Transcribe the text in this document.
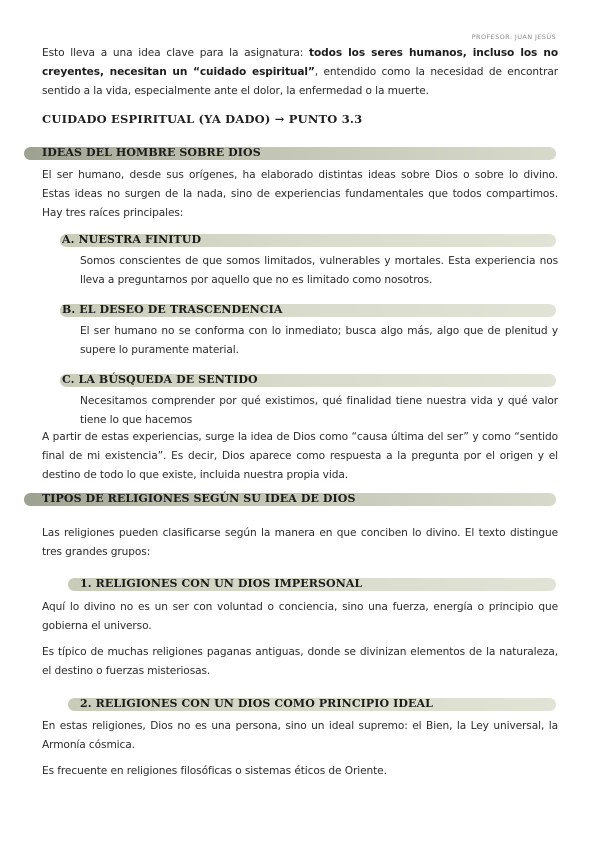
PROFESOR: JUAN JESÚS
Esto lleva a una idea clave para la asignatura: todos los seres humanos, incluso los no creyentes, necesitan un “cuidado espiritual”, entendido como la necesidad de encontrar sentido a la vida, especialmente ante el dolor, la enfermedad o la muerte.
CUIDADO ESPIRITUAL (YA DADO) → PUNTO 3.3
IDEAS DEL HOMBRE SOBRE DIOS
El ser humano, desde sus orígenes, ha elaborado distintas ideas sobre Dios o sobre lo divino. Estas ideas no surgen de la nada, sino de experiencias fundamentales que todos compartimos. Hay tres raíces principales:
A. NUESTRA FINITUD
Somos conscientes de que somos limitados, vulnerables y mortales. Esta experiencia nos lleva a preguntarnos por aquello que no es limitado como nosotros.
B. EL DESEO DE TRASCENDENCIA
El ser humano no se conforma con lo inmediato; busca algo más, algo que de plenitud y supere lo puramente material.
C. LA BÚSQUEDA DE SENTIDO
Necesitamos comprender por qué existimos, qué finalidad tiene nuestra vida y qué valor tiene lo que hacemos
A partir de estas experiencias, surge la idea de Dios como “causa última del ser” y como “sentido final de mi existencia”. Es decir, Dios aparece como respuesta a la pregunta por el origen y el destino de todo lo que existe, incluida nuestra propia vida.
TIPOS DE RELIGIONES SEGÚN SU IDEA DE DIOS
Las religiones pueden clasificarse según la manera en que conciben lo divino. El texto distingue tres grandes grupos:
1. RELIGIONES CON UN DIOS IMPERSONAL
Aquí lo divino no es un ser con voluntad o conciencia, sino una fuerza, energía o principio que gobierna el universo.
Es típico de muchas religiones paganas antiguas, donde se divinizan elementos de la naturaleza, el destino o fuerzas misteriosas.
2. RELIGIONES CON UN DIOS COMO PRINCIPIO IDEAL
En estas religiones, Dios no es una persona, sino un ideal supremo: el Bien, la Ley universal, la Armonía cósmica.
Es frecuente en religiones filosóficas o sistemas éticos de Oriente.
